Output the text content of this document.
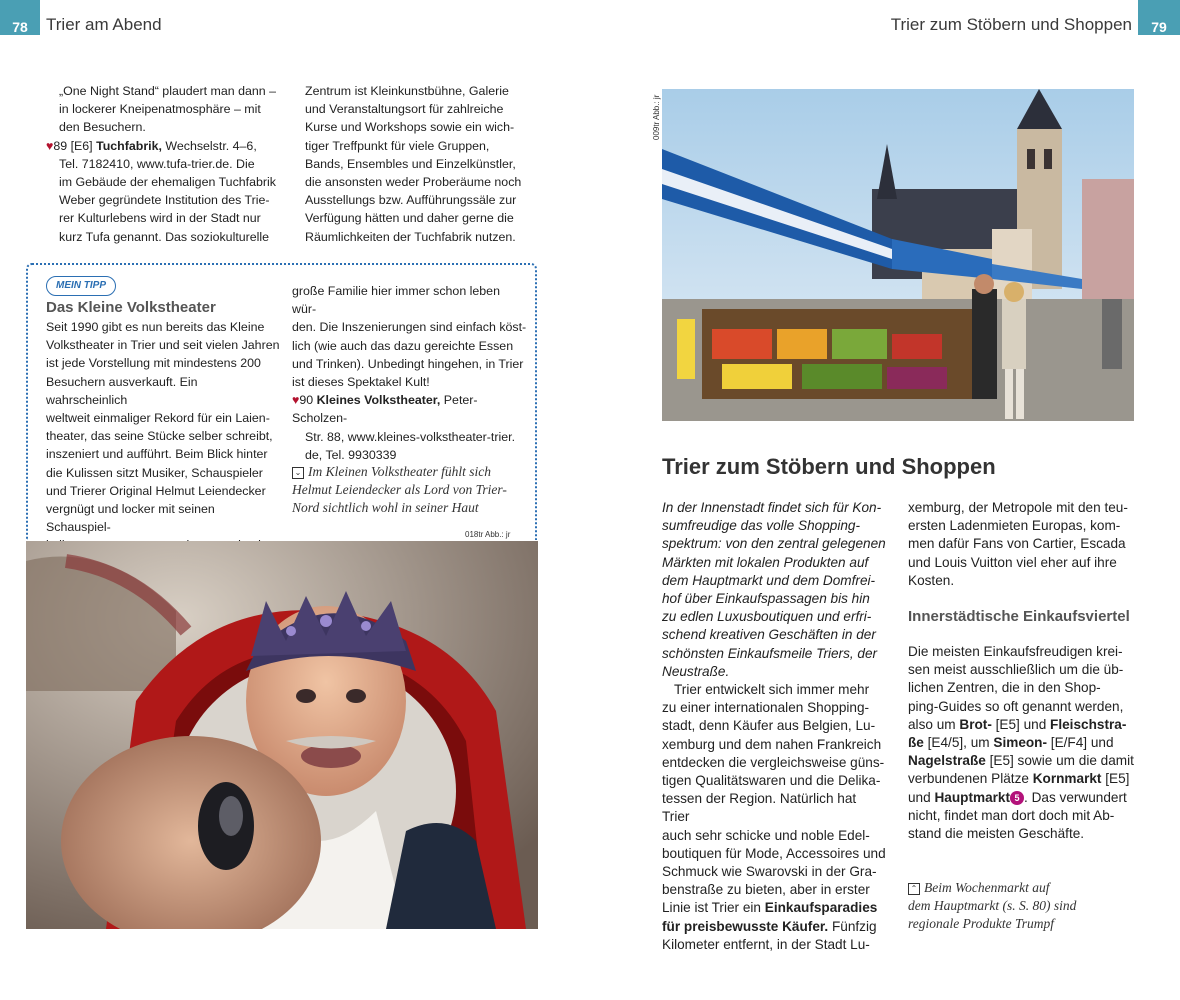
78	Trier am Abend

„One Night Stand“ plaudert man dann –

in lockerer Kneipenatmosphäre – mit

den Besuchern.

♥89 [E6] Tuchfabrik, Wechselstr. 4–6,

Tel. 7182410, www.tufa-trier.de. Die

im Gebäude der ehemaligen Tuchfabrik

Weber gegründete Institution des Trie-

rer Kulturlebens wird in der Stadt nur

kurz Tufa genannt. Das soziokulturelle

Zentrum ist Kleinkunstbühne, Galerie

und Veranstaltungsort für zahlreiche

Kurse und Workshops sowie ein wich-

tiger Treffpunkt für viele Gruppen,

Bands, Ensembles und Einzelkünstler,

die ansonsten weder Proberäume noch

Ausstellungs bzw. Aufführungssäle zur

Verfügung hätten und daher gerne die

Räumlichkeiten der Tuchfabrik nutzen.

MEIN TIPP
Das Kleine Volkstheater

Seit 1990 gibt es nun bereits das Kleine

Volkstheater in Trier und seit vielen Jahren

ist jede Vorstellung mit mindestens 200

Besuchern ausverkauft. Ein wahrscheinlich

weltweit einmaliger Rekord für ein Laien-

theater, das seine Stücke selber schreibt,

inszeniert und aufführt. Beim Blick hinter

die Kulissen sitzt Musiker, Schauspieler

und Trierer Original Helmut Leiendecker

vergnügt und locker mit seinen Schauspiel-

große Familie hier immer schon leben wür-

den. Die Inszenierungen sind einfach köst-

lich (wie auch das dazu gereichte Essen

und Trinken). Unbedingt hingehen, in Trier

ist dieses Spektakel Kult!

♥90 Kleines Volkstheater, Peter-Scholzen-

Str. 88, www.kleines-volkstheater-trier.

de, Tel. 9930339

⌄ Im Kleinen Volkstheater fühlt sich
Helmut Leiendecker als Lord von Trier-
Nord sichtlich wohl in seiner Haut
018tr Abb.: jr
79
Trier zum Stöbern und Shoppen
009tr Abb.: jr
Trier zum Stöbern und Shoppen
In der Innenstadt findet sich für Kon-
sumfreudige das volle Shopping-
spektrum: von den zentral gelegenen
Märkten mit lokalen Produkten auf
dem Hauptmarkt und dem Domfrei-
hof über Einkaufspassagen bis hin
zu edlen Luxusboutiquen und erfri-
schend kreativen Geschäften in der
schönsten Einkaufsmeile Triers, der
Neustraße.
Trier entwickelt sich immer mehr
zu einer internationalen Shopping-
stadt, denn Käufer aus Belgien, Lu-
xemburg und dem nahen Frankreich
entdecken die vergleichsweise güns-
tigen Qualitätswaren und die Delika-
tessen der Region. Natürlich hat Trier
auch sehr schicke und noble Edel-
boutiquen für Mode, Accessoires und
Schmuck wie Swarovski in der Gra-
benstraße zu bieten, aber in erster
Linie ist Trier ein Einkaufsparadies
für preisbewusste Käufer. Fünfzig
Kilometer entfernt, in der Stadt Lu-
xemburg, der Metropole mit den teu-
ersten Ladenmieten Europas, kom-
men dafür Fans von Cartier, Escada
und Louis Vuitton viel eher auf ihre
Kosten.
Innerstädtische Einkaufsviertel
Die meisten Einkaufsfreudigen krei-
sen meist ausschließlich um die üb-
lichen Zentren, die in den Shop-
ping-Guides so oft genannt werden,
also um Brot- [E5] und Fleischstra-
ße [E4/5], um Simeon- [E/F4] und
Nagelstraße [E5] sowie um die damit
verbundenen Plätze Kornmarkt [E5]
und Hauptmarkt 5 . Das verwundert
nicht, findet man dort doch mit Ab-
stand die meisten Geschäfte.
⌃ Beim Wochenmarkt auf
dem Hauptmarkt (s. S. 80) sind
regionale Produkte Trumpf
